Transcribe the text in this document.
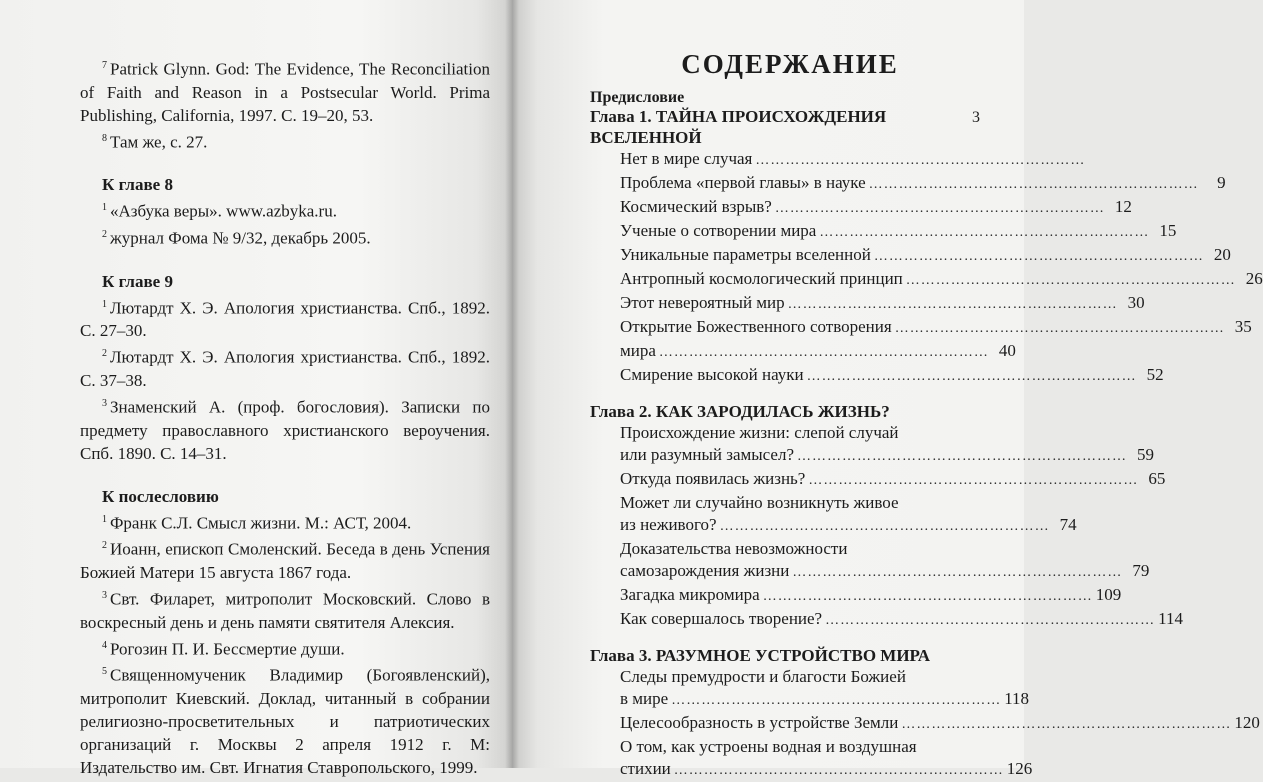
$^7$ Patrick Glynn. God: The Evidence, The Reconciliation of Faith and Reason in a Postsecular World. Prima Publishing, California, 1997. С. 19–20, 53.

$^8$ Там же, с. 27.

К главе 8

$^1$ «Азбука веры». www.azbyka.ru.

$^2$ журнал Фома № 9/32, декабрь 2005.

К главе 9

$^1$ Лютардт Х. Э. Апология христианства. Спб., 1892. С. 27–30.

$^2$ Лютардт Х. Э. Апология христианства. Спб., 1892. С. 37–38.

$^3$ Знаменский А. (проф. богословия). Записки по предмету православного христианского вероучения. Спб. 1890. С. 14–31.

К послесловию

$^1$ Франк С.Л. Смысл жизни. М.: АСТ, 2004.

$^2$ Иоанн, епископ Смоленский. Беседа в день Успения Божией Матери 15 августа 1867 года.

$^3$ Свт. Филарет, митрополит Московский. Слово в воскресный день и день памяти святителя Алексия.

$^4$ Рогозин П. И. Бессмертие души.

$^5$ Священномученик Владимир (Богоявленский), митрополит Киевский. Доклад, читанный в собрании религиозно-просветительных и патриотических организаций г. Москвы 2 апреля 1912 г. М: Издательство им. Свт. Игнатия Ставропольского, 1999.

СОДЕРЖАНИЕ
Предисловие
Глава 1. ТАЙНА ПРОИСХОЖДЕНИЯ	3
ВСЕЛЕННОЙ
Нет в мире случая …………………………………………………………
Проблема «первой главы» в науке …………………………………………………………	9
Космический взрыв? ………………………………………………………… 12
Ученые о сотворении мира ………………………………………………………… 15
Уникальные параметры вселенной ………………………………………………………… 20
Антропный космологический принцип ………………………………………………………… 26
Этот невероятный мир ………………………………………………………… 30
Открытие Божественного сотворения ………………………………………………………… 35
мира ………………………………………………………… 40
Смирение высокой науки ………………………………………………………… 52
Глава 2. КАК ЗАРОДИЛАСЬ ЖИЗНЬ?
Происхождение жизни: слепой случай
или разумный замысел? ………………………………………………………… 59
Откуда появилась жизнь? ………………………………………………………… 65
Может ли случайно возникнуть живое
из неживого? ………………………………………………………… 74
Доказательства невозможности
самозарождения жизни ………………………………………………………… 79
Загадка микромира ………………………………………………………… 109
Как совершалось творение? ………………………………………………………… 114
Глава 3. РАЗУМНОЕ УСТРОЙСТВО МИРА
Следы премудрости и благости Божией
в мире ………………………………………………………… 118
Целесообразность в устройстве Земли ………………………………………………………… 120
О том, как устроены водная и воздушная
стихии ………………………………………………………… 126
